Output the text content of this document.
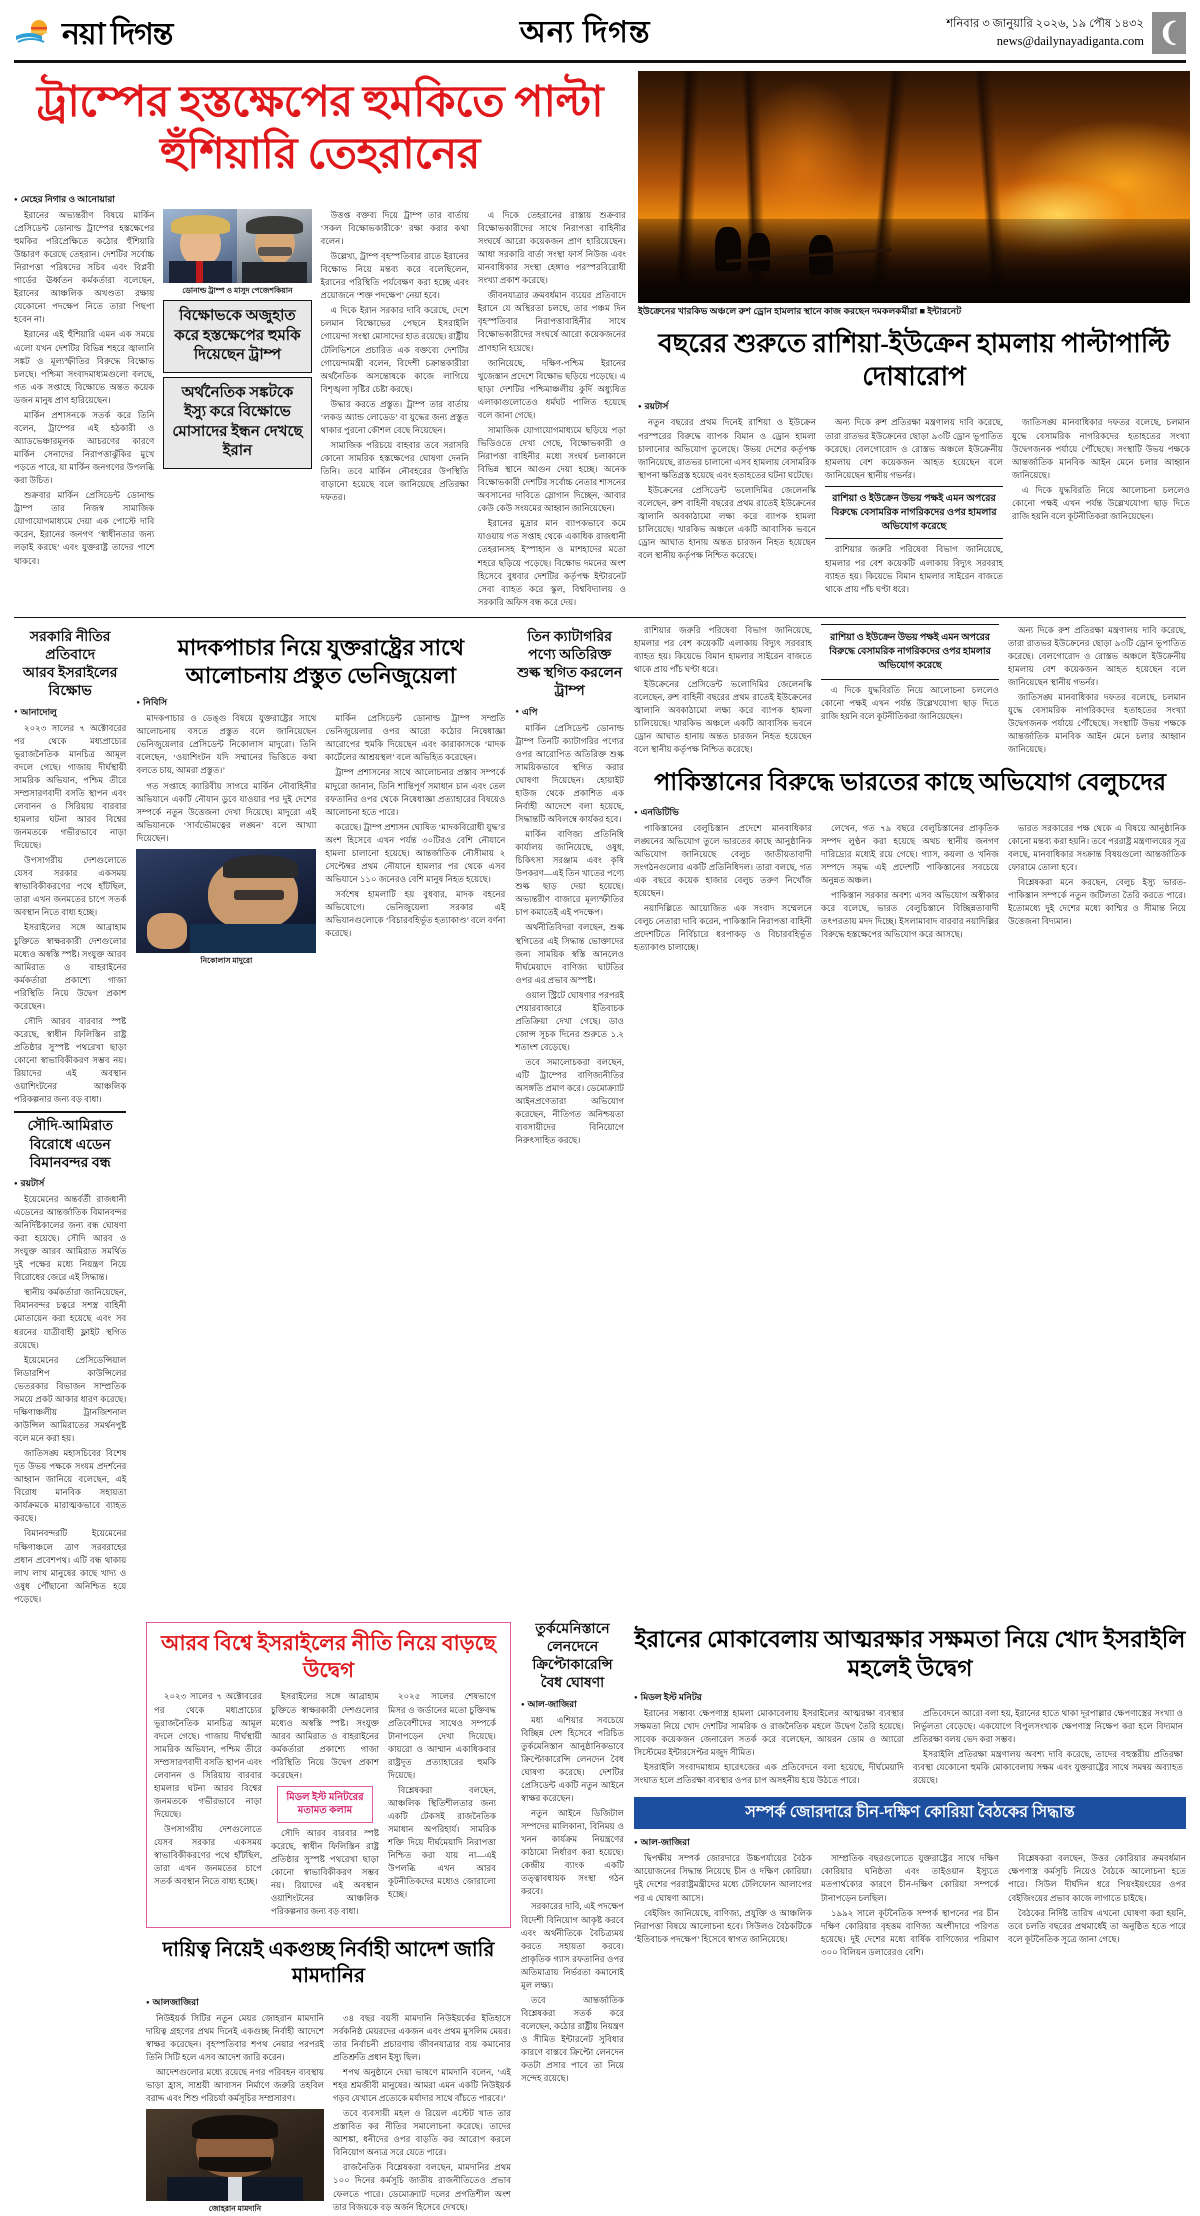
নয়া দিগন্ত	অন্য দিগন্ত	শনিবার ৩ জানুয়ারি ২০২৬, ১৯ পৌষ ১৪৩২
news@dailynayadiganta.com ❨
ট্রাম্পের হস্তক্ষেপের হুমকিতে পাল্টা হুঁশিয়ারি তেহরানের
● মেহের নিগার ও আনোয়ারা

ইরানের অভ্যন্তরীণ বিষয়ে মার্কিন প্রেসিডেন্ট ডোনাল্ড ট্রাম্পের হস্তক্ষেপের হুমকির পরিপ্রেক্ষিতে কঠোর হুঁশিয়ারি উচ্চারণ করেছে তেহরান। দেশটির সর্বোচ্চ নিরাপত্তা পরিষদের সচিব এবং বিপ্লবী গার্ডের ঊর্ধ্বতন কর্মকর্তারা বলেছেন, ইরানের আঞ্চলিক অখণ্ডতা রক্ষায় যেকোনো পদক্ষেপ নিতে তারা পিছপা হবেন না।

ইরানের এই হুঁশিয়ারি এমন এক সময়ে এলো যখন দেশটির বিভিন্ন শহরে জ্বালানি সঙ্কট ও মূল্যস্ফীতির বিরুদ্ধে বিক্ষোভ চলছে। পশ্চিমা সংবাদমাধ্যমগুলো বলছে, গত এক সপ্তাহে বিক্ষোভে অন্তত কয়েক ডজন মানুষ প্রাণ হারিয়েছেন।

মার্কিন প্রশাসনকে সতর্ক করে তিনি বলেন, ট্রাম্পের এই হঠকারী ও অ্যাডভেঞ্চারমূলক আচরণের কারণে মার্কিন সেনাদের নিরাপত্তাঝুঁকির মুখে পড়তে পারে, যা মার্কিন জনগণের উপলব্ধি করা উচিত।

শুক্রবার মার্কিন প্রেসিডেন্ট ডোনাল্ড ট্রাম্প তার নিজস্ব সামাজিক যোগাযোগমাধ্যমে দেয়া এক পোস্টে দাবি করেন, ইরানের জনগণ ‘স্বাধীনতার জন্য লড়াই করছে’ এবং যুক্তরাষ্ট্র তাদের পাশে থাকবে।

ডোনাল্ড ট্রাম্প ও মাসুদ পেজেশকিয়ান
বিক্ষোভকে অজুহাত করে হস্তক্ষেপের হুমকি দিয়েছেন ট্রাম্প
অর্থনৈতিক সঙ্কটকে ইস্যু করে বিক্ষোভে মোসাদের ইন্ধন দেখছে ইরান

উত্তপ্ত বক্তব্য দিয়ে ট্রাম্প তার বার্তায় ‘সকল বিক্ষোভকারীকে’ রক্ষা করার কথা বলেন।

উল্লেখ্য, ট্রাম্প বৃহস্পতিবার রাতে ইরানের বিক্ষোভ নিয়ে মন্তব্য করে বলেছিলেন, ইরানের পরিস্থিতি পর্যবেক্ষণ করা হচ্ছে এবং প্রয়োজনে ‘শক্ত পদক্ষেপ’ নেয়া হবে।

এ দিকে ইরান সরকার দাবি করেছে, দেশে চলমান বিক্ষোভের পেছনে ইসরাইলি গোয়েন্দা সংস্থা মোসাদের হাত রয়েছে। রাষ্ট্রীয় টেলিভিশনে প্রচারিত এক বক্তব্যে দেশটির গোয়েন্দামন্ত্রী বলেন, বিদেশী চক্রান্তকারীরা অর্থনৈতিক অসন্তোষকে কাজে লাগিয়ে বিশৃঙ্খলা সৃষ্টির চেষ্টা করছে।

উদ্ধার করতে প্রস্তুত। ট্রাম্প তার বার্তায় ‘লকড অ্যান্ড লোডেড’ বা যুদ্ধের জন্য প্রস্তুত থাকার পুরনো কৌশল বেছে নিয়েছেন।

সামাজিক পরিচয়ে বাহবার তবে সরাসরি কোনো সামরিক হস্তক্ষেপের ঘোষণা দেননি তিনি। তবে মার্কিন নৌবহরের উপস্থিতি বাড়ানো হয়েছে বলে জানিয়েছে প্রতিরক্ষা দফতর।

এ দিকে তেহরানের রাস্তায় শুক্রবার বিক্ষোভকারীদের সাথে নিরাপত্তা বাহিনীর সংঘর্ষে আরো কয়েকজন প্রাণ হারিয়েছেন। আধা সরকারি বার্তা সংস্থা ফার্স নিউজ এবং মানবাধিকার সংস্থা হেঙ্গাও পরস্পরবিরোধী সংখ্যা প্রকাশ করেছে।

জীবনযাত্রার ক্রমবর্ধমান ব্যয়ের প্রতিবাদে ইরানে যে অস্থিরতা চলছে, তার পঞ্চম দিন বৃহস্পতিবার নিরাপত্তাবাহিনীর সাথে বিক্ষোভকারীদের সংঘর্ষে আরো কয়েকজনের প্রাণহানি হয়েছে।

জানিয়েছে, দক্ষিণ-পশ্চিম ইরানের খুজেস্তান প্রদেশে বিক্ষোভ ছড়িয়ে পড়েছে। এ ছাড়া দেশটির পশ্চিমাঞ্চলীয় কুর্দি অধ্যুষিত এলাকাগুলোতেও ধর্মঘট পালিত হয়েছে বলে জানা গেছে।

সামাজিক যোগাযোগমাধ্যমে ছড়িয়ে পড়া ভিডিওতে দেখা গেছে, বিক্ষোভকারী ও নিরাপত্তা বাহিনীর মধ্যে সংঘর্ষ চলাকালে বিভিন্ন স্থানে আগুন দেয়া হচ্ছে। অনেক বিক্ষোভকারী দেশটির সর্বোচ্চ নেতার শাসনের অবসানের দাবিতে স্লোগান দিচ্ছেন, আবার কেউ কেউ সংযমের আহ্বান জানিয়েছেন।

ইরানের মুদ্রার মান ব্যাপকভাবে কমে যাওয়ায় গত সপ্তাহ থেকে একাধিক রাজধানী তেহরানসহ ইস্পাহান ও মাশহাদের মতো শহরে ছড়িয়ে পড়েছে। বিক্ষোভ দমনের অংশ হিসেবে বুধবার দেশটির কর্তৃপক্ষ ইন্টারনেট সেবা ব্যাহত করে স্কুল, বিশ্ববিদ্যালয় ও সরকারি অফিস বন্ধ করে দেয়।

ইউক্রেনের খারকিভ অঞ্চলে রুশ ড্রোন হামলার স্থানে কাজ করছেন দমকলকর্মীরা ■ ইন্টারনেট
বছরের শুরুতে রাশিয়া-ইউক্রেন হামলায় পাল্টাপাল্টি দোষারোপ
● রয়টার্স

নতুন বছরের প্রথম দিনেই রাশিয়া ও ইউক্রেন পরস্পরের বিরুদ্ধে ব্যাপক বিমান ও ড্রোন হামলা চালানোর অভিযোগ তুলেছে। উভয় দেশের কর্তৃপক্ষ জানিয়েছে, রাতভর চালানো এসব হামলায় বেসামরিক স্থাপনা ক্ষতিগ্রস্ত হয়েছে এবং হতাহতের ঘটনা ঘটেছে।

ইউক্রেনের প্রেসিডেন্ট ভলোদিমির জেলেনস্কি বলেছেন, রুশ বাহিনী বছরের প্রথম রাতেই ইউক্রেনের জ্বালানি অবকাঠামো লক্ষ্য করে ব্যাপক হামলা চালিয়েছে। খারকিভ অঞ্চলে একটি আবাসিক ভবনে ড্রোন আঘাত হানায় অন্তত চারজন নিহত হয়েছেন বলে স্থানীয় কর্তৃপক্ষ নিশ্চিত করেছে।

অন্য দিকে রুশ প্রতিরক্ষা মন্ত্রণালয় দাবি করেছে, তারা রাতভর ইউক্রেনের ছোড়া ৯৩টি ড্রোন ভূপাতিত করেছে। বেলগোরোদ ও রোস্তভ অঞ্চলে ইউক্রেনীয় হামলায় বেশ কয়েকজন আহত হয়েছেন বলে জানিয়েছেন স্থানীয় গভর্নর।

রাশিয়া ও ইউক্রেন উভয় পক্ষই এমন অপরের বিরুদ্ধে বেসামরিক নাগরিকদের ওপর হামলার অভিযোগ করেছে

রাশিয়ার জরুরি পরিষেবা বিভাগ জানিয়েছে, হামলার পর বেশ কয়েকটি এলাকায় বিদ্যুৎ সরবরাহ ব্যাহত হয়। কিয়েভে বিমান হামলার সাইরেন বাজতে থাকে প্রায় পাঁচ ঘণ্টা ধরে।

জাতিসঙ্ঘ মানবাধিকার দফতর বলেছে, চলমান যুদ্ধে বেসামরিক নাগরিকদের হতাহতের সংখ্যা উদ্বেগজনক পর্যায়ে পৌঁছেছে। সংস্থাটি উভয় পক্ষকে আন্তর্জাতিক মানবিক আইন মেনে চলার আহ্বান জানিয়েছে।

এ দিকে যুদ্ধবিরতি নিয়ে আলোচনা চললেও কোনো পক্ষই এখন পর্যন্ত উল্লেখযোগ্য ছাড় দিতে রাজি হয়নি বলে কূটনীতিকরা জানিয়েছেন।

সরকারি নীতির প্রতিবাদে
আরব ইসরাইলের
বিক্ষোভ
● আনাদোলু

২০২৩ সালের ৭ অক্টোবরের পর থেকে মধ্যপ্রাচ্যের ভূরাজনৈতিক মানচিত্র আমূল বদলে গেছে। গাজায় দীর্ঘস্থায়ী সামরিক অভিযান, পশ্চিম তীরে সম্প্রসারণবাদী বসতি স্থাপন এবং লেবানন ও সিরিয়ায় বারবার হামলার ঘটনা আরব বিশ্বের জনমতকে গভীরভাবে নাড়া দিয়েছে।

উপসাগরীয় দেশগুলোতে যেসব সরকার একসময় স্বাভাবিকীকরণের পথে হাঁটছিল, তারা এখন জনমতের চাপে সতর্ক অবস্থান নিতে বাধ্য হচ্ছে।

ইসরাইলের সঙ্গে আব্রাহাম চুক্তিতে স্বাক্ষরকারী দেশগুলোর মধ্যেও অস্বস্তি স্পষ্ট। সংযুক্ত আরব আমিরাত ও বাহরাইনের কর্মকর্তারা প্রকাশ্যে গাজা পরিস্থিতি নিয়ে উদ্বেগ প্রকাশ করেছেন।

সৌদি আরব বারবার স্পষ্ট করেছে, স্বাধীন ফিলিস্তিন রাষ্ট্র প্রতিষ্ঠার সুস্পষ্ট পথরেখা ছাড়া কোনো স্বাভাবিকীকরণ সম্ভব নয়। রিয়াদের এই অবস্থান ওয়াশিংটনের আঞ্চলিক পরিকল্পনার জন্য বড় বাধা।

সৌদি-আমিরাত বিরোধে এডেন বিমানবন্দর বন্ধ
● রয়টার্স

ইয়েমেনের অন্তর্বর্তী রাজধানী এডেনের আন্তর্জাতিক বিমানবন্দর অনির্দিষ্টকালের জন্য বন্ধ ঘোষণা করা হয়েছে। সৌদি আরব ও সংযুক্ত আরব আমিরাত সমর্থিত দুই পক্ষের মধ্যে নিয়ন্ত্রণ নিয়ে বিরোধের জেরে এই সিদ্ধান্ত।

স্থানীয় কর্মকর্তারা জানিয়েছেন, বিমানবন্দর চত্বরে সশস্ত্র বাহিনী মোতায়েন করা হয়েছে এবং সব ধরনের যাত্রীবাহী ফ্লাইট স্থগিত রয়েছে।

ইয়েমেনের প্রেসিডেন্সিয়াল লিডারশিপ কাউন্সিলের ভেতরকার বিভাজন সাম্প্রতিক সময়ে প্রকট আকার ধারণ করেছে। দক্ষিণাঞ্চলীয় ট্রানজিশনাল কাউন্সিল আমিরাতের সমর্থনপুষ্ট বলে মনে করা হয়।

জাতিসঙ্ঘ মহাসচিবের বিশেষ দূত উভয় পক্ষকে সংযম প্রদর্শনের আহ্বান জানিয়ে বলেছেন, এই বিরোধ মানবিক সহায়তা কার্যক্রমকে মারাত্মকভাবে ব্যাহত করছে।

বিমানবন্দরটি ইয়েমেনের দক্ষিণাঞ্চলে ত্রাণ সরবরাহের প্রধান প্রবেশপথ। এটি বন্ধ থাকায় লাখ লাখ মানুষের কাছে খাদ্য ও ওষুধ পৌঁছানো অনিশ্চিত হয়ে পড়েছে।

মাদকপাচার নিয়ে যুক্তরাষ্ট্রের সাথে আলোচনায় প্রস্তুত ভেনিজুয়েলা
● নিবিসি

মাদকপাচার ও ডেঙ্গু বিষয়ে যুক্তরাষ্ট্রের সাথে আলোচনায় বসতে প্রস্তুত বলে জানিয়েছেন ভেনিজুয়েলার প্রেসিডেন্ট নিকোলাস মাদুরো। তিনি বলেছেন, ‘ওয়াশিংটন যদি সম্মানের ভিত্তিতে কথা বলতে চায়, আমরা প্রস্তুত।’

গত সপ্তাহে ক্যারিবীয় সাগরে মার্কিন নৌবাহিনীর অভিযানে একটি নৌযান ডুবে যাওয়ার পর দুই দেশের সম্পর্কে নতুন উত্তেজনা দেখা দিয়েছে। মাদুরো এই অভিযানকে ‘সার্বভৌমত্বের লঙ্ঘন’ বলে আখ্যা দিয়েছেন।

নিকোলাস মাদুরো

মার্কিন প্রেসিডেন্ট ডোনাল্ড ট্রাম্প সম্প্রতি ভেনিজুয়েলার ওপর আরো কঠোর নিষেধাজ্ঞা আরোপের হুমকি দিয়েছেন এবং কারাকাসকে ‘মাদক কার্টেলের আশ্রয়স্থল’ বলে অভিহিত করেছেন।

ট্রাম্প প্রশাসনের সাথে আলোচনার প্রস্তাব সম্পর্কে মাদুরো জানান, তিনি শান্তিপূর্ণ সমাধান চান এবং তেল রফতানির ওপর থেকে নিষেধাজ্ঞা প্রত্যাহারের বিষয়েও আলোচনা হতে পারে।

করেছে। ট্রাম্প প্রশাসন ঘোষিত ‘মাদকবিরোধী যুদ্ধ’র অংশ হিসেবে এখন পর্যন্ত ৩০টিরও বেশি নৌযানে হামলা চালানো হয়েছে। আন্তর্জাতিক নৌসীমায় ২ সেপ্টেম্বর প্রথম নৌযানে হামলার পর থেকে এসব অভিযানে ১১০ জনেরও বেশি মানুষ নিহত হয়েছে।

সর্বশেষ হামলাটি হয় বুধবার, মাদক বহনের অভিযোগে। ভেনিজুয়েলা সরকার এই অভিযানগুলোকে ‘বিচারবহির্ভূত হত্যাকাণ্ড’ বলে বর্ণনা করেছে।

তিন ক্যাটাগরির পণ্যে অতিরিক্ত শুল্ক স্থগিত করলেন ট্রাম্প
● এপি

মার্কিন প্রেসিডেন্ট ডোনাল্ড ট্রাম্প তিনটি ক্যাটাগরির পণ্যের ওপর আরোপিত অতিরিক্ত শুল্ক সাময়িকভাবে স্থগিত করার ঘোষণা দিয়েছেন। হোয়াইট হাউজ থেকে প্রকাশিত এক নির্বাহী আদেশে বলা হয়েছে, সিদ্ধান্তটি অবিলম্বে কার্যকর হবে।

মার্কিন বাণিজ্য প্রতিনিধি কার্যালয় জানিয়েছে, ওষুধ, চিকিৎসা সরঞ্জাম এবং কৃষি উপকরণ—এই তিন খাতের পণ্যে শুল্ক ছাড় দেয়া হয়েছে। অভ্যন্তরীণ বাজারে মূল্যস্ফীতির চাপ কমাতেই এই পদক্ষেপ।

অর্থনীতিবিদরা বলছেন, শুল্ক স্থগিতের এই সিদ্ধান্ত ভোক্তাদের জন্য সাময়িক স্বস্তি আনলেও দীর্ঘমেয়াদে বাণিজ্য ঘাটতির ওপর এর প্রভাব অস্পষ্ট।

ওয়াল স্ট্রিটে ঘোষণার পরপরই শেয়ারবাজারে ইতিবাচক প্রতিক্রিয়া দেখা গেছে। ডাও জোন্স সূচক দিনের শুরুতে ১.২ শতাংশ বেড়েছে।

তবে সমালোচকরা বলছেন, এটি ট্রাম্পের বাণিজ্যনীতির অসঙ্গতি প্রমাণ করে। ডেমোক্র্যাট আইনপ্রণেতারা অভিযোগ করেছেন, নীতিগত অনিশ্চয়তা ব্যবসায়ীদের বিনিয়োগে নিরুৎসাহিত করছে।

রাশিয়ার জরুরি পরিষেবা বিভাগ জানিয়েছে, হামলার পর বেশ কয়েকটি এলাকায় বিদ্যুৎ সরবরাহ ব্যাহত হয়। কিয়েভে বিমান হামলার সাইরেন বাজতে থাকে প্রায় পাঁচ ঘণ্টা ধরে।

ইউক্রেনের প্রেসিডেন্ট ভলোদিমির জেলেনস্কি বলেছেন, রুশ বাহিনী বছরের প্রথম রাতেই ইউক্রেনের জ্বালানি অবকাঠামো লক্ষ্য করে ব্যাপক হামলা চালিয়েছে। খারকিভ অঞ্চলে একটি আবাসিক ভবনে ড্রোন আঘাত হানায় অন্তত চারজন নিহত হয়েছেন বলে স্থানীয় কর্তৃপক্ষ নিশ্চিত করেছে।

রাশিয়া ও ইউক্রেন উভয় পক্ষই এমন অপরের বিরুদ্ধে বেসামরিক নাগরিকদের ওপর হামলার অভিযোগ করেছে

এ দিকে যুদ্ধবিরতি নিয়ে আলোচনা চললেও কোনো পক্ষই এখন পর্যন্ত উল্লেখযোগ্য ছাড় দিতে রাজি হয়নি বলে কূটনীতিকরা জানিয়েছেন।

অন্য দিকে রুশ প্রতিরক্ষা মন্ত্রণালয় দাবি করেছে, তারা রাতভর ইউক্রেনের ছোড়া ৯৩টি ড্রোন ভূপাতিত করেছে। বেলগোরোদ ও রোস্তভ অঞ্চলে ইউক্রেনীয় হামলায় বেশ কয়েকজন আহত হয়েছেন বলে জানিয়েছেন স্থানীয় গভর্নর।

জাতিসঙ্ঘ মানবাধিকার দফতর বলেছে, চলমান যুদ্ধে বেসামরিক নাগরিকদের হতাহতের সংখ্যা উদ্বেগজনক পর্যায়ে পৌঁছেছে। সংস্থাটি উভয় পক্ষকে আন্তর্জাতিক মানবিক আইন মেনে চলার আহ্বান জানিয়েছে।

পাকিস্তানের বিরুদ্ধে ভারতের কাছে অভিযোগ বেলুচদের
● এনডিটিভি

পাকিস্তানের বেলুচিস্তান প্রদেশে মানবাধিকার লঙ্ঘনের অভিযোগ তুলে ভারতের কাছে আনুষ্ঠানিক অভিযোগ জানিয়েছে বেলুচ জাতীয়তাবাদী সংগঠনগুলোর একটি প্রতিনিধিদল। তারা বলছে, গত এক বছরে কয়েক হাজার বেলুচ তরুণ নিখোঁজ হয়েছেন।

নয়াদিল্লিতে আয়োজিত এক সংবাদ সম্মেলনে বেলুচ নেতারা দাবি করেন, পাকিস্তানি নিরাপত্তা বাহিনী প্রদেশটিতে নির্বিচারে ধরপাকড় ও বিচারবহির্ভূত হত্যাকাণ্ড চালাচ্ছে।

লেখেন, গত ৭৯ বছরে বেলুচিস্তানের প্রাকৃতিক সম্পদ লুণ্ঠন করা হয়েছে অথচ স্থানীয় জনগণ দারিদ্র্যের মধ্যেই রয়ে গেছে। গ্যাস, কয়লা ও খনিজ সম্পদে সমৃদ্ধ এই প্রদেশটি পাকিস্তানের সবচেয়ে অনুন্নত অঞ্চল।

পাকিস্তান সরকার অবশ্য এসব অভিযোগ অস্বীকার করে বলেছে, ভারত বেলুচিস্তানে বিচ্ছিন্নতাবাদী তৎপরতায় মদদ দিচ্ছে। ইসলামাবাদ বারবার নয়াদিল্লির বিরুদ্ধে হস্তক্ষেপের অভিযোগ করে আসছে।

ভারত সরকারের পক্ষ থেকে এ বিষয়ে আনুষ্ঠানিক কোনো মন্তব্য করা হয়নি। তবে পররাষ্ট্র মন্ত্রণালয়ের সূত্র বলছে, মানবাধিকার সংক্রান্ত বিষয়গুলো আন্তর্জাতিক ফোরামে তোলা হবে।

বিশ্লেষকরা মনে করছেন, বেলুচ ইস্যু ভারত-পাকিস্তান সম্পর্কে নতুন জটিলতা তৈরি করতে পারে। ইতোমধ্যে দুই দেশের মধ্যে কাশ্মির ও সীমান্ত নিয়ে উত্তেজনা বিদ্যমান।

আরব বিশ্বে ইসরাইলের নীতি নিয়ে বাড়ছে উদ্বেগ

২০২৩ সালের ৭ অক্টোবরের পর থেকে মধ্যপ্রাচ্যের ভূরাজনৈতিক মানচিত্র আমূল বদলে গেছে। গাজায় দীর্ঘস্থায়ী সামরিক অভিযান, পশ্চিম তীরে সম্প্রসারণবাদী বসতি স্থাপন এবং লেবানন ও সিরিয়ায় বারবার হামলার ঘটনা আরব বিশ্বের জনমতকে গভীরভাবে নাড়া দিয়েছে।

উপসাগরীয় দেশগুলোতে যেসব সরকার একসময় স্বাভাবিকীকরণের পথে হাঁটছিল, তারা এখন জনমতের চাপে সতর্ক অবস্থান নিতে বাধ্য হচ্ছে।

ইসরাইলের সঙ্গে আব্রাহাম চুক্তিতে স্বাক্ষরকারী দেশগুলোর মধ্যেও অস্বস্তি স্পষ্ট। সংযুক্ত আরব আমিরাত ও বাহরাইনের কর্মকর্তারা প্রকাশ্যে গাজা পরিস্থিতি নিয়ে উদ্বেগ প্রকাশ করেছেন।

মিডল ইস্ট মনিটরের মতামত কলাম

সৌদি আরব বারবার স্পষ্ট করেছে, স্বাধীন ফিলিস্তিন রাষ্ট্র প্রতিষ্ঠার সুস্পষ্ট পথরেখা ছাড়া কোনো স্বাভাবিকীকরণ সম্ভব নয়। রিয়াদের এই অবস্থান ওয়াশিংটনের আঞ্চলিক পরিকল্পনার জন্য বড় বাধা।

২০২৫ সালের শেষভাগে মিসর ও জর্ডানের মতো চুক্তিবদ্ধ প্রতিবেশীদের সাথেও সম্পর্কে টানাপড়েন দেখা দিয়েছে। কায়রো ও আম্মান একাধিকবার রাষ্ট্রদূত প্রত্যাহারের হুমকি দিয়েছে।

বিশ্লেষকরা বলছেন, আঞ্চলিক স্থিতিশীলতার জন্য একটি টেকসই রাজনৈতিক সমাধান অপরিহার্য। সামরিক শক্তি দিয়ে দীর্ঘমেয়াদি নিরাপত্তা নিশ্চিত করা যায় না—এই উপলব্ধি এখন আরব কূটনীতিকদের মধ্যেও জোরালো হচ্ছে।

দায়িত্ব নিয়েই একগুচ্ছ নির্বাহী আদেশ জারি মামদানির
● আলজাজিরা

নিউইয়র্ক সিটির নতুন মেয়র জোহরান মামদানি দায়িত্ব গ্রহণের প্রথম দিনেই একগুচ্ছ নির্বাহী আদেশে স্বাক্ষর করেছেন। বৃহস্পতিবার শপথ নেয়ার পরপরই তিনি সিটি হলে এসব আদেশ জারি করেন।

আদেশগুলোর মধ্যে রয়েছে নগর পরিবহন ব্যবস্থায় ভাড়া হ্রাস, সাশ্রয়ী আবাসন নির্মাণে জরুরি তহবিল বরাদ্দ এবং শিশু পরিচর্যা কর্মসূচির সম্প্রসারণ।

জোহরান মামদানি

৩৪ বছর বয়সী মামদানি নিউইয়র্কের ইতিহাসে সর্বকনিষ্ঠ মেয়রদের একজন এবং প্রথম মুসলিম মেয়র। তার নির্বাচনী প্রচারণায় জীবনযাত্রার ব্যয় কমানোর প্রতিশ্রুতি প্রধান ইস্যু ছিল।

শপথ অনুষ্ঠানে দেয়া ভাষণে মামদানি বলেন, ‘এই শহর শ্রমজীবী মানুষের। আমরা এমন একটি নিউইয়র্ক গড়ব যেখানে প্রত্যেকে মর্যাদার সাথে বাঁচতে পারবে।’

তবে ব্যবসায়ী মহল ও রিয়েল এস্টেট খাত তার প্রস্তাবিত কর নীতির সমালোচনা করেছে। তাদের আশঙ্কা, ধনীদের ওপর বাড়তি কর আরোপ করলে বিনিয়োগ অন্যত্র সরে যেতে পারে।

রাজনৈতিক বিশ্লেষকরা বলছেন, মামদানির প্রথম ১০০ দিনের কর্মসূচি জাতীয় রাজনীতিতেও প্রভাব ফেলতে পারে। ডেমোক্র্যাট দলের প্রগতিশীল অংশ তার বিজয়কে বড় অর্জন হিসেবে দেখছে।

তুর্কমেনিস্তানে লেনদেনে ক্রিপ্টোকারেন্সি বৈধ ঘোষণা
● আল-জাজিরা

মধ্য এশিয়ার সবচেয়ে বিচ্ছিন্ন দেশ হিসেবে পরিচিত তুর্কমেনিস্তান আনুষ্ঠানিকভাবে ক্রিপ্টোকারেন্সি লেনদেন বৈধ ঘোষণা করেছে। দেশটির প্রেসিডেন্ট একটি নতুন আইনে স্বাক্ষর করেছেন।

নতুন আইনে ডিজিটাল সম্পদের মালিকানা, বিনিময় ও খনন কার্যক্রম নিয়ন্ত্রণের কাঠামো নির্ধারণ করা হয়েছে। কেন্দ্রীয় ব্যাংক একটি তত্ত্বাবধায়ক সংস্থা গঠন করবে।

সরকারের দাবি, এই পদক্ষেপ বিদেশী বিনিয়োগ আকৃষ্ট করবে এবং অর্থনীতিকে বৈচিত্র্যময় করতে সহায়তা করবে। প্রাকৃতিক গ্যাস রফতানির ওপর অতিমাত্রায় নির্ভরতা কমানোই মূল লক্ষ্য।

তবে আন্তর্জাতিক বিশ্লেষকরা সতর্ক করে বলেছেন, কঠোর রাষ্ট্রীয় নিয়ন্ত্রণ ও সীমিত ইন্টারনেট সুবিধার কারণে বাস্তবে ক্রিপ্টো লেনদেন কতটা প্রসার পাবে তা নিয়ে সন্দেহ রয়েছে।

ইরানের মোকাবেলায় আত্মরক্ষার সক্ষমতা নিয়ে খোদ ইসরাইলি মহলেই উদ্বেগ
● মিডল ইস্ট মনিটর

ইরানের সম্ভাব্য ক্ষেপণাস্ত্র হামলা মোকাবেলায় ইসরাইলের আত্মরক্ষা ব্যবস্থার সক্ষমতা নিয়ে খোদ দেশটির সামরিক ও রাজনৈতিক মহলে উদ্বেগ তৈরি হয়েছে। সাবেক কয়েকজন জেনারেল সতর্ক করে বলেছেন, আয়রন ডোম ও অ্যারো সিস্টেমের ইন্টারসেপ্টর মজুদ সীমিত।

ইসরাইলি সংবাদমাধ্যম হারেৎজের এক প্রতিবেদনে বলা হয়েছে, দীর্ঘমেয়াদি সংঘাত হলে প্রতিরক্ষা ব্যবস্থার ওপর চাপ অসহনীয় হয়ে উঠতে পারে।

প্রতিবেদনে আরো বলা হয়, ইরানের হাতে থাকা দূরপাল্লার ক্ষেপণাস্ত্রের সংখ্যা ও নির্ভুলতা বেড়েছে। একযোগে বিপুলসংখ্যক ক্ষেপণাস্ত্র নিক্ষেপ করা হলে বিদ্যমান প্রতিরক্ষা বলয় ভেদ করা সম্ভব।

ইসরাইলি প্রতিরক্ষা মন্ত্রণালয় অবশ্য দাবি করেছে, তাদের বহুস্তরীয় প্রতিরক্ষা ব্যবস্থা যেকোনো হুমকি মোকাবেলায় সক্ষম এবং যুক্তরাষ্ট্রের সাথে সমন্বয় অব্যাহত রয়েছে।

সম্পর্ক জোরদারে চীন-দক্ষিণ কোরিয়া বৈঠকের সিদ্ধান্ত
● আল-জাজিরা

দ্বিপক্ষীয় সম্পর্ক জোরদারে উচ্চপর্যায়ের বৈঠক আয়োজনের সিদ্ধান্ত নিয়েছে চীন ও দক্ষিণ কোরিয়া। দুই দেশের পররাষ্ট্রমন্ত্রীদের মধ্যে টেলিফোন আলাপের পর এ ঘোষণা আসে।

বেইজিং জানিয়েছে, বাণিজ্য, প্রযুক্তি ও আঞ্চলিক নিরাপত্তা বিষয়ে আলোচনা হবে। সিউলও বৈঠকটিকে ‘ইতিবাচক পদক্ষেপ’ হিসেবে স্বাগত জানিয়েছে।

সাম্প্রতিক বছরগুলোতে যুক্তরাষ্ট্রের সাথে দক্ষিণ কোরিয়ার ঘনিষ্ঠতা এবং তাইওয়ান ইস্যুতে মতপার্থক্যের কারণে চীন-দক্ষিণ কোরিয়া সম্পর্কে টানাপড়েন চলছিল।

১৯৯২ সালে কূটনৈতিক সম্পর্ক স্থাপনের পর চীন দক্ষিণ কোরিয়ার বৃহত্তম বাণিজ্য অংশীদারে পরিণত হয়েছে। দুই দেশের মধ্যে বার্ষিক বাণিজ্যের পরিমাণ ৩০০ বিলিয়ন ডলারেরও বেশি।

বিশ্লেষকরা বলছেন, উত্তর কোরিয়ার ক্রমবর্ধমান ক্ষেপণাস্ত্র কর্মসূচি নিয়েও বৈঠকে আলোচনা হতে পারে। সিউল দীর্ঘদিন ধরে পিয়ংইয়ংয়ের ওপর বেইজিংয়ের প্রভাব কাজে লাগাতে চাইছে।

বৈঠকের নির্দিষ্ট তারিখ এখনো ঘোষণা করা হয়নি, তবে চলতি বছরের প্রথমার্ধেই তা অনুষ্ঠিত হতে পারে বলে কূটনৈতিক সূত্রে জানা গেছে।
